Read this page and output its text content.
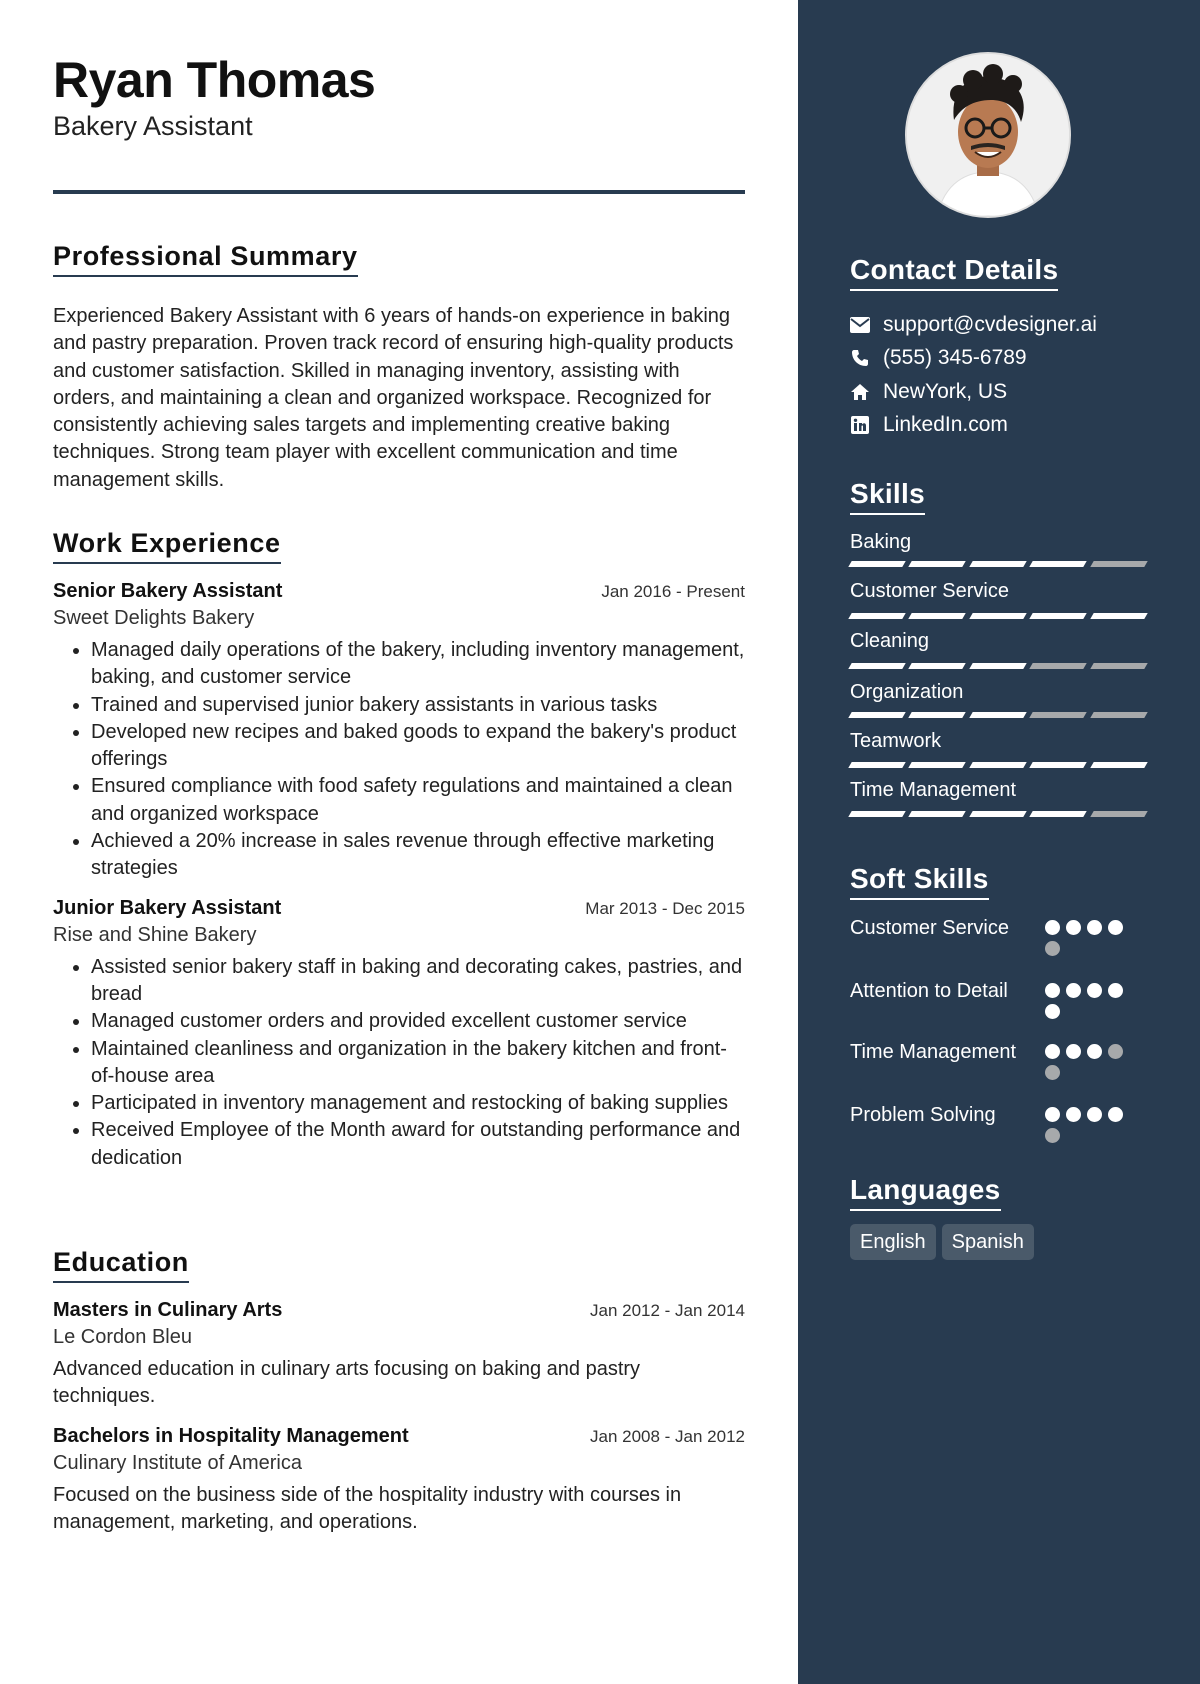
Ryan Thomas
Bakery Assistant
Professional Summary
Experienced Bakery Assistant with 6 years of hands-on experience in baking and pastry preparation. Proven track record of ensuring high-quality products and customer satisfaction. Skilled in managing inventory, assisting with orders, and maintaining a clean and organized workspace. Recognized for consistently achieving sales targets and implementing creative baking techniques. Strong team player with excellent communication and time management skills.
Work Experience
Senior Bakery Assistant	Jan 2016 - Present
Sweet Delights Bakery
• Managed daily operations of the bakery, including inventory management, baking, and customer service
• Trained and supervised junior bakery assistants in various tasks
• Developed new recipes and baked goods to expand the bakery's product offerings
• Ensured compliance with food safety regulations and maintained a clean and organized workspace
• Achieved a 20% increase in sales revenue through effective marketing strategies
Junior Bakery Assistant	Mar 2013 - Dec 2015
Rise and Shine Bakery
• Assisted senior bakery staff in baking and decorating cakes, pastries, and bread
• Managed customer orders and provided excellent customer service
• Maintained cleanliness and organization in the bakery kitchen and front-of-house area
• Participated in inventory management and restocking of baking supplies
• Received Employee of the Month award for outstanding performance and dedication
Education
Masters in Culinary Arts	Jan 2012 - Jan 2014
Le Cordon Bleu
Advanced education in culinary arts focusing on baking and pastry techniques.
Bachelors in Hospitality Management	Jan 2008 - Jan 2012
Culinary Institute of America
Focused on the business side of the hospitality industry with courses in management, marketing, and operations.
Contact Details
support@cvdesigner.ai
(555) 345-6789
NewYork, US
LinkedIn.com
Skills
Baking
Customer Service
Cleaning
Organization
Teamwork
Time Management
Soft Skills
Customer Service
Attention to Detail
Time Management
Problem Solving
Languages
English	Spanish
